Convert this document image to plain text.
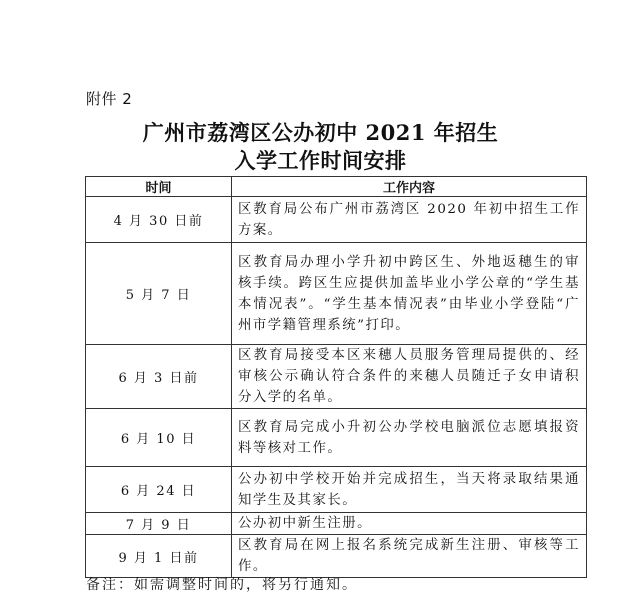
附件 2
广州市荔湾区公办初中 2021 年招生
入学工作时间安排
时间	工作内容
4 月 30 日前	区教育局公布广州市荔湾区 2020 年初中招生工作方案。
5 月 7 日	区教育局办理小学升初中跨区生、外地返穗生的审核手续。跨区生应提供加盖毕业小学公章的“学生基本情况表”。“学生基本情况表”由毕业小学登陆“广州市学籍管理系统”打印。
6 月 3 日前	区教育局接受本区来穗人员服务管理局提供的、经审核公示确认符合条件的来穗人员随迁子女申请积分入学的名单。
6 月 10 日	区教育局完成小升初公办学校电脑派位志愿填报资料等核对工作。
6 月 24 日	公办初中学校开始并完成招生，当天将录取结果通知学生及其家长。
7 月 9 日	公办初中新生注册。
9 月 1 日前	区教育局在网上报名系统完成新生注册、审核等工作。
备注：如需调整时间的，将另行通知。
